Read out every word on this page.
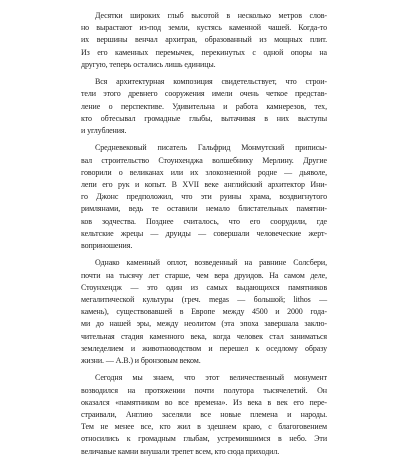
Десятки широких глыб высотой в несколько метров слов-
но вырастают из-под земли, кустясь каменной чашей. Когда-то
их вершины венчал архитрав, образованный из мощных плит.
Из его каменных перемычек, перекинутых с одной опоры на
другую, теперь остались лишь единицы.
Вся архитектурная композиция свидетельствует, что строи-
тели этого древнего сооружения имели очень четкое представ-
ление о перспективе. Удивительна и работа камнерезов, тех,
кто обтесывал громадные глыбы, вытачивая в них выступы
и углубления.
Средневековый писатель Гальфрид Монмутский приписы-
вал строительство Стоунхенджа волшебнику Мерлину. Другие
говорили о великанах или их злокозненной родне — дьяволе,
лепи его рук и копыт. В XVII веке английский архитектор Ини-
го Джонс предположил, что эти руины храма, воздвигнутого
римлянами, ведь те оставили немало блистательных памятни-
ков зодчества. Позднее считалось, что его соорудили, где
кельтские жрецы — друиды — совершали человеческие жерт-
воприношения.
Однако каменный оплот, возведенный на равнине Солсбери,
почти на тысячу лет старше, чем вера друидов. На самом деле,
Стоунхендж — это один из самых выдающихся памятников
мегалитической культуры (греч. megas — большой; lithos —
камень), существовавшей в Европе между 4500 и 2000 года-
ми до нашей эры, между неолитом (эта эпоха завершала заклю-
чительная стадия каменного века, когда человек стал заниматься
земледелием и животноводством и перешел к оседлому образу
жизни. — А.В.) и бронзовым веком.
Сегодня мы знаем, что этот величественный монумент
возводился на протяжении почти полутора тысячелетий. Он
оказался «памятником во все времена». Из века в век его пере-
страивали, Англию заселяли все новые племена и народы.
Тем не менее все, кто жил в здешнем краю, с благоговением
относились к громадным глыбам, устремившимся в небо. Эти
величавые камни внушали трепет всем, кто сюда приходил.
